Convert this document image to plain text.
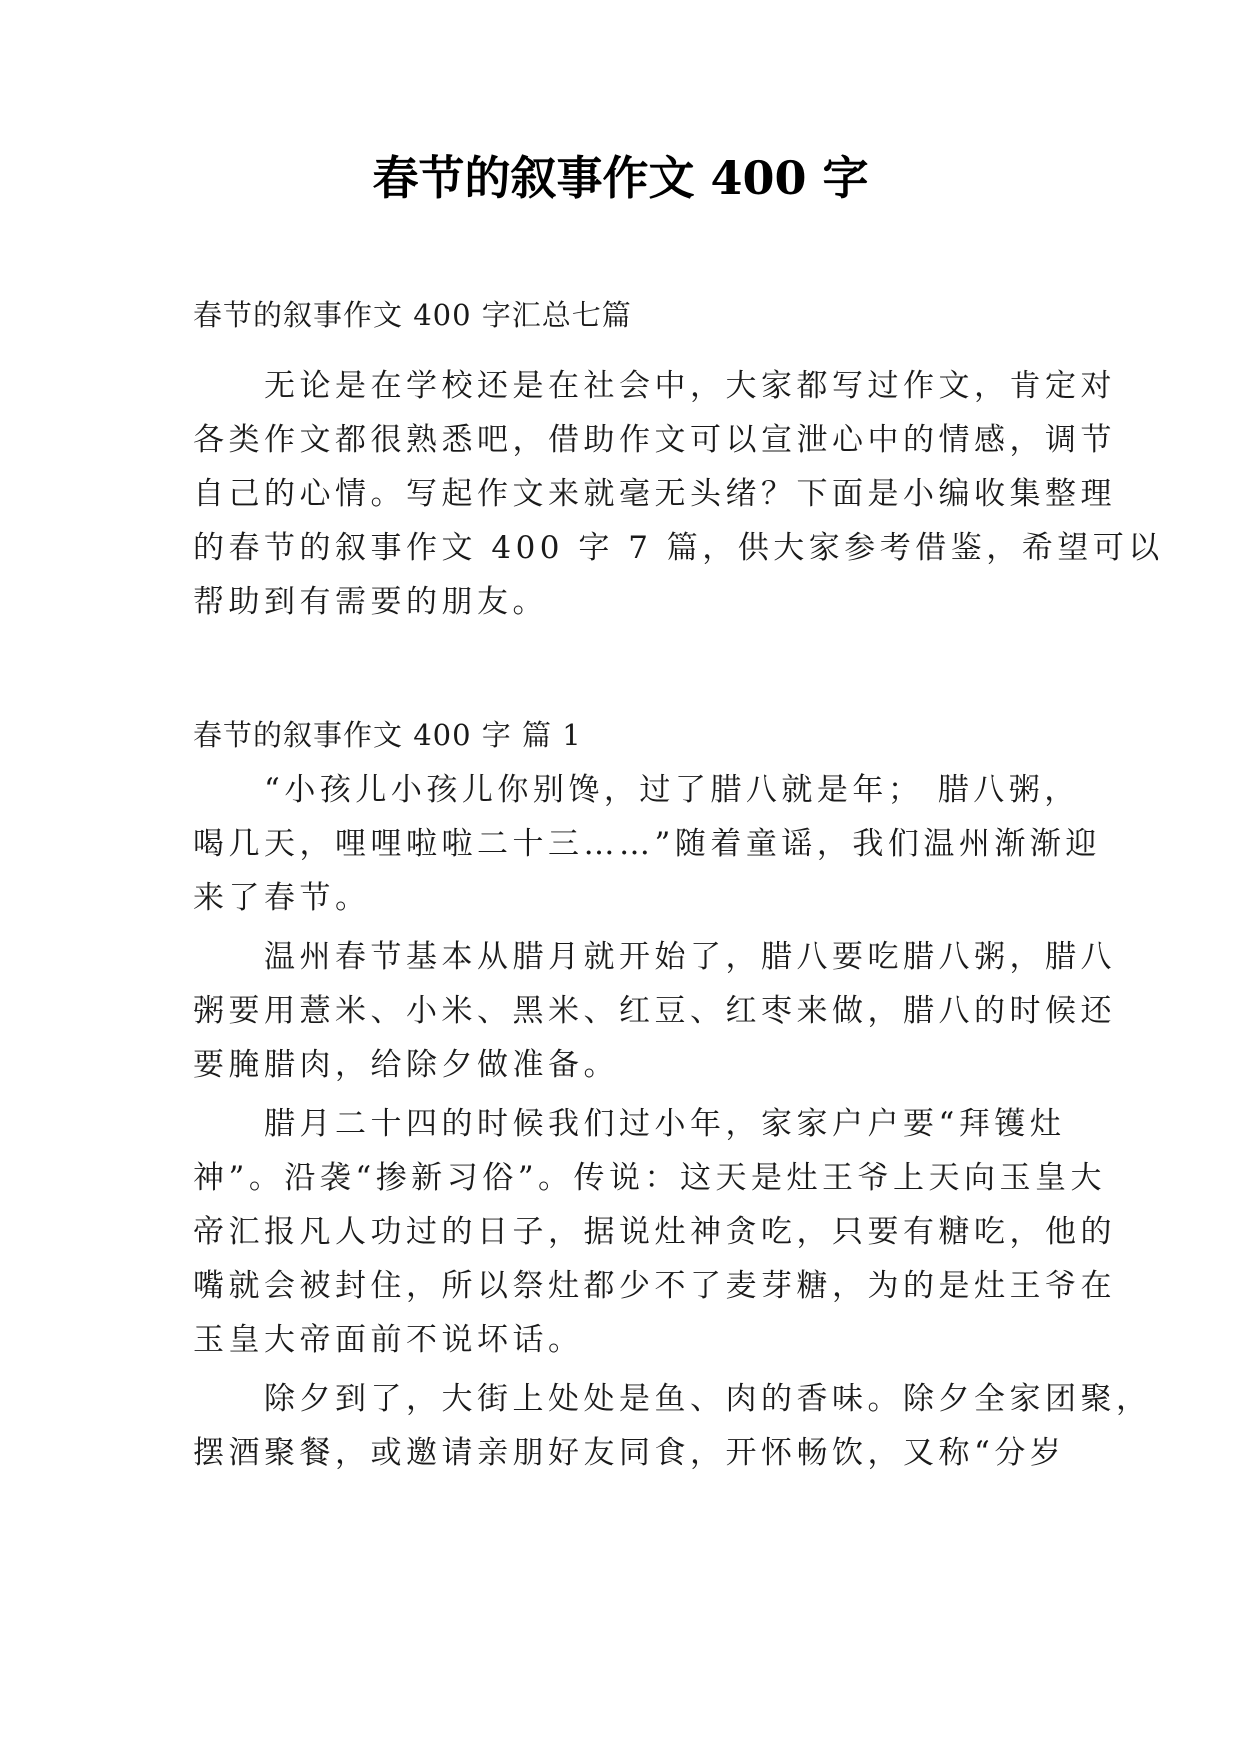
春节的叙事作文 400 字
春节的叙事作文 400 字汇总七篇
　　无论是在学校还是在社会中，大家都写过作文，肯定对
各类作文都很熟悉吧，借助作文可以宣泄心中的情感，调节
自己的心情。写起作文来就毫无头绪？下面是小编收集整理
的春节的叙事作文 400 字 7 篇，供大家参考借鉴，希望可以
帮助到有需要的朋友。
春节的叙事作文 400 字 篇 1
　　“小孩儿小孩儿你别馋，过了腊八就是年； 腊八粥，
喝几天，哩哩啦啦二十三……”随着童谣，我们温州渐渐迎
来了春节。
　　温州春节基本从腊月就开始了，腊八要吃腊八粥，腊八
粥要用薏米、小米、黑米、红豆、红枣来做，腊八的时候还
要腌腊肉，给除夕做准备。
　　腊月二十四的时候我们过小年，家家户户要“拜镬灶
神”。沿袭“掺新习俗”。传说：这天是灶王爷上天向玉皇大
帝汇报凡人功过的日子，据说灶神贪吃，只要有糖吃，他的
嘴就会被封住，所以祭灶都少不了麦芽糖，为的是灶王爷在
玉皇大帝面前不说坏话。
　　除夕到了，大街上处处是鱼、肉的香味。除夕全家团聚，
摆酒聚餐，或邀请亲朋好友同食，开怀畅饮，又称“分岁
